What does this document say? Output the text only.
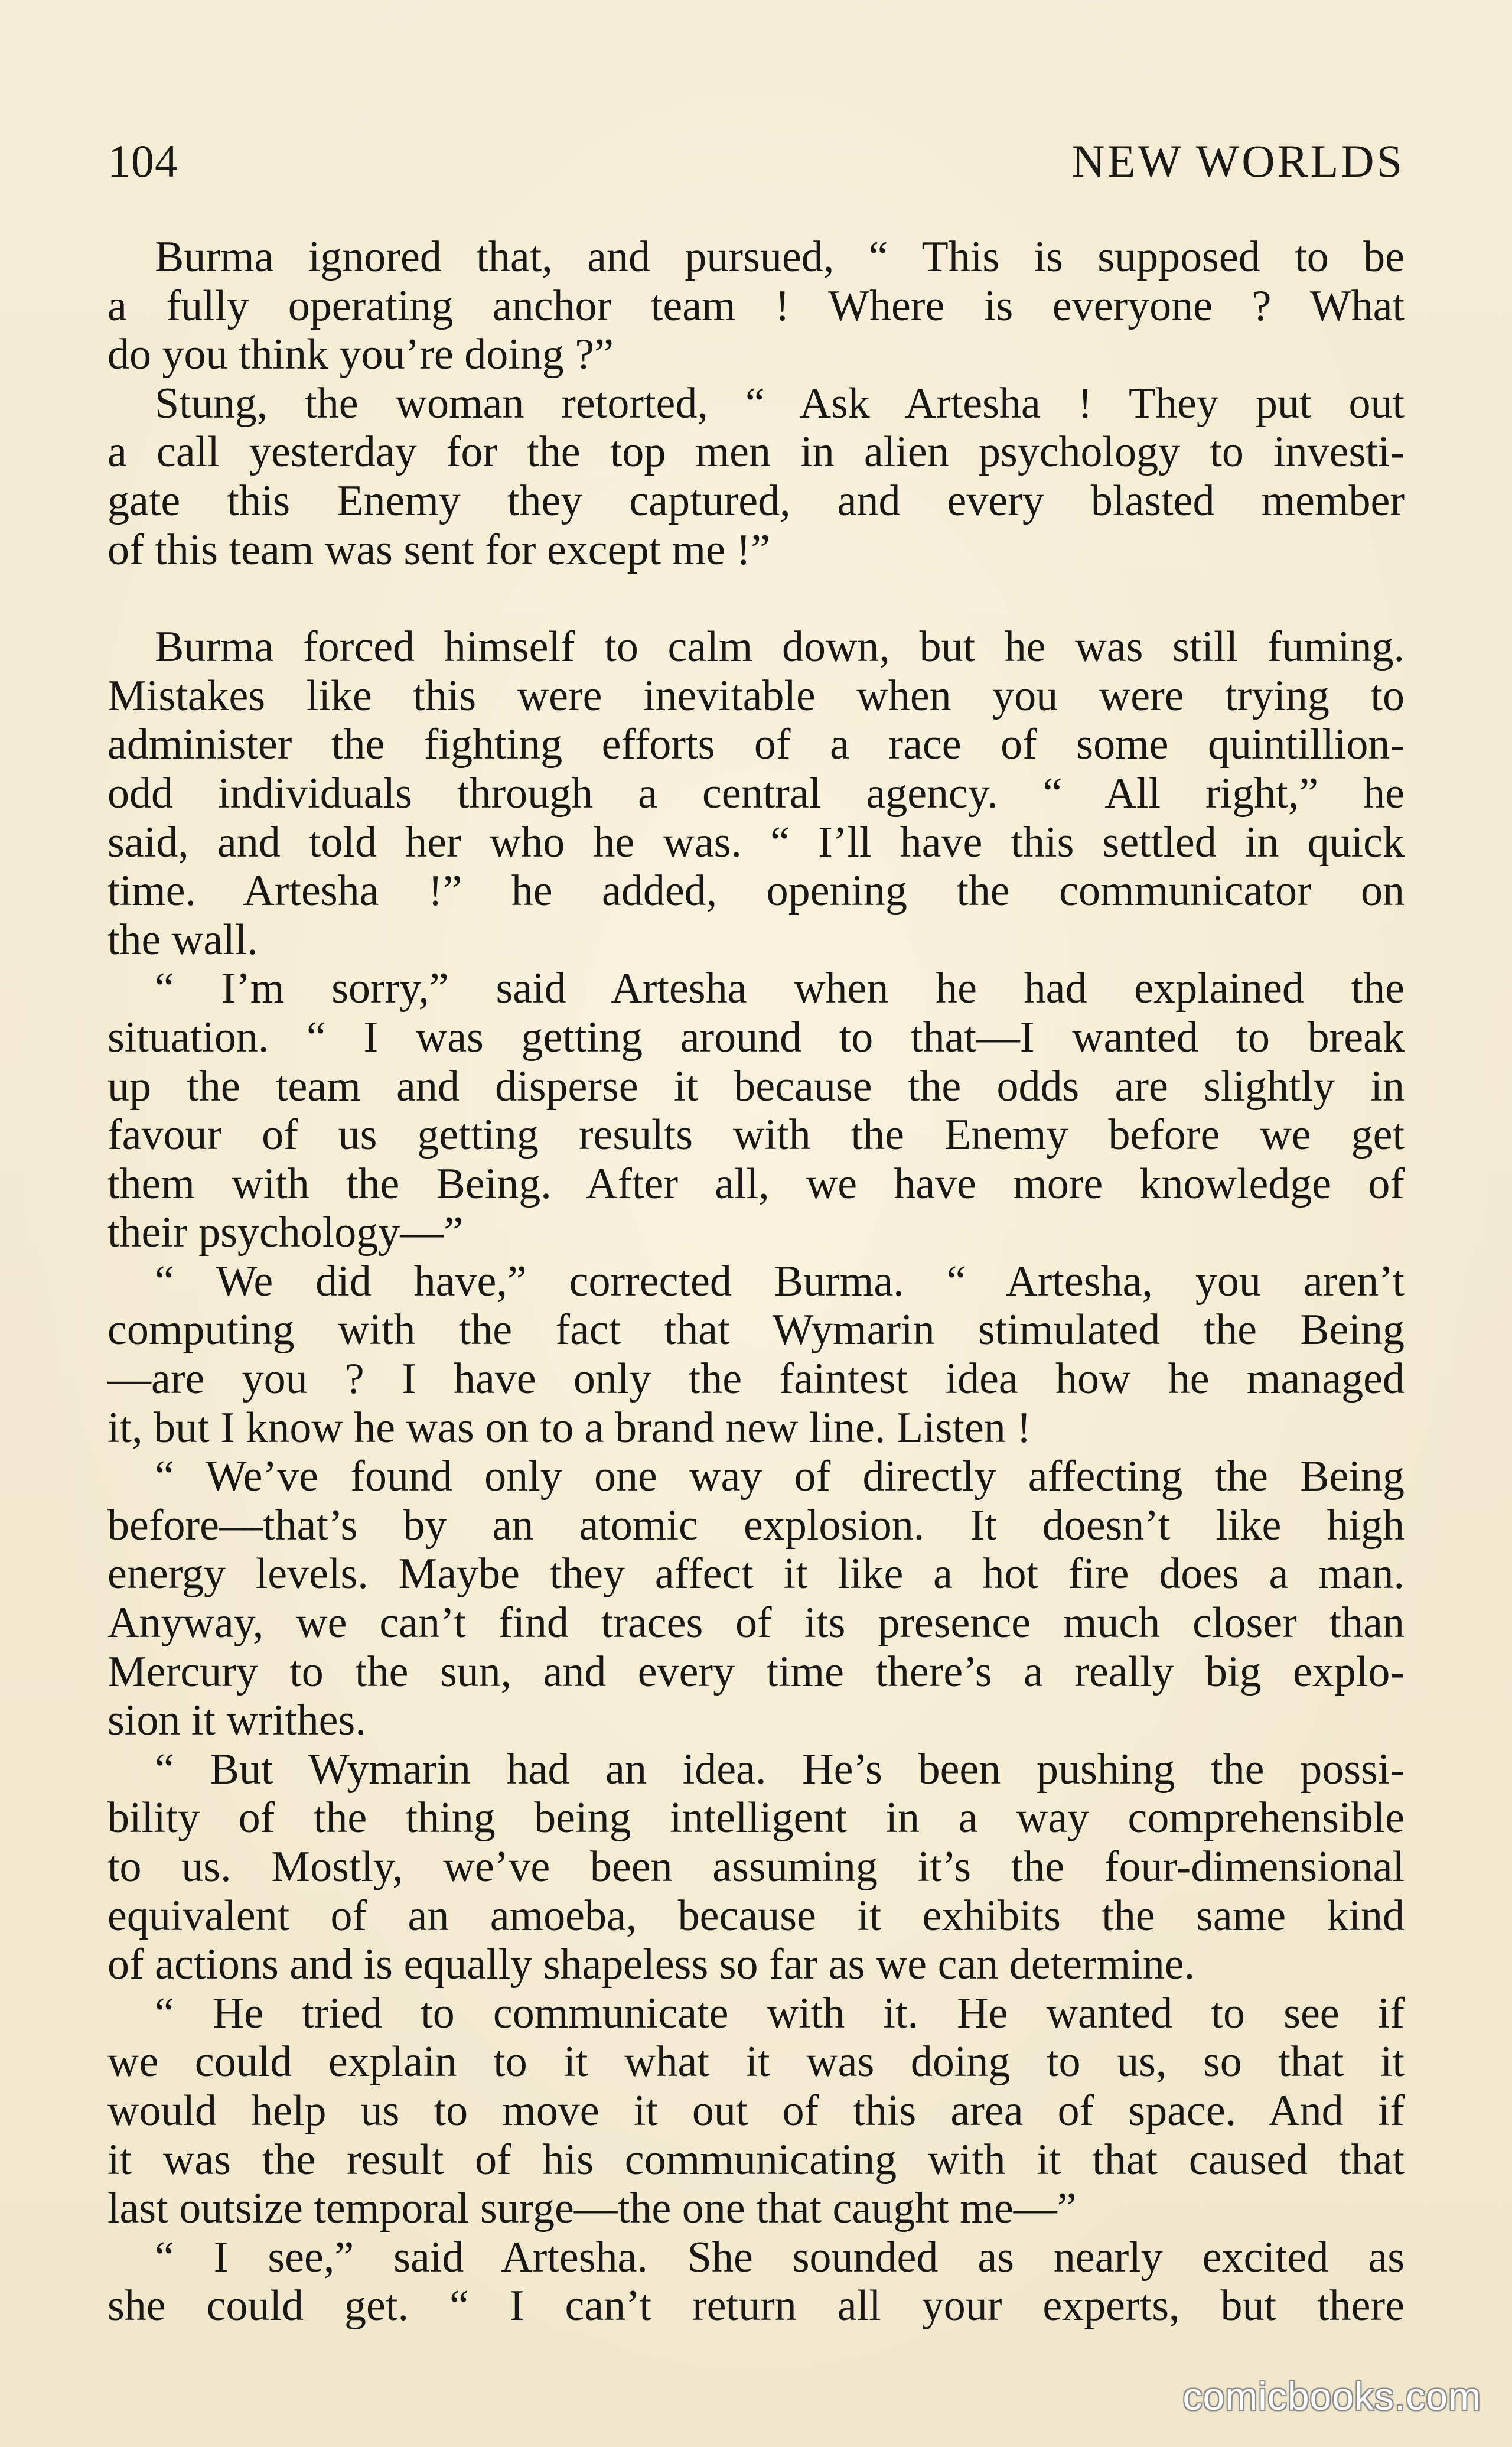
104	NEW WORLDS
Burma ignored that, and pursued, “ This is supposed to be
a fully operating anchor team ! Where is everyone ? What
do you think you’re doing ?”
Stung, the woman retorted, “ Ask Artesha ! They put out
a call yesterday for the top men in alien psychology to investi-
gate this Enemy they captured, and every blasted member
of this team was sent for except me !”
Burma forced himself to calm down, but he was still fuming.
Mistakes like this were inevitable when you were trying to
administer the fighting efforts of a race of some quintillion-
odd individuals through a central agency. “ All right,” he
said, and told her who he was. “ I’ll have this settled in quick
time. Artesha !” he added, opening the communicator on
the wall.
“ I’m sorry,” said Artesha when he had explained the
situation. “ I was getting around to that—I wanted to break
up the team and disperse it because the odds are slightly in
favour of us getting results with the Enemy before we get
them with the Being. After all, we have more knowledge of
their psychology—”
“ We did have,” corrected Burma. “ Artesha, you aren’t
computing with the fact that Wymarin stimulated the Being
—are you ? I have only the faintest idea how he managed
it, but I know he was on to a brand new line. Listen !
“ We’ve found only one way of directly affecting the Being
before—that’s by an atomic explosion. It doesn’t like high
energy levels. Maybe they affect it like a hot fire does a man.
Anyway, we can’t find traces of its presence much closer than
Mercury to the sun, and every time there’s a really big explo-
sion it writhes.
“ But Wymarin had an idea. He’s been pushing the possi-
bility of the thing being intelligent in a way comprehensible
to us. Mostly, we’ve been assuming it’s the four-dimensional
equivalent of an amoeba, because it exhibits the same kind
of actions and is equally shapeless so far as we can determine.
“ He tried to communicate with it. He wanted to see if
we could explain to it what it was doing to us, so that it
would help us to move it out of this area of space. And if
it was the result of his communicating with it that caused that
last outsize temporal surge—the one that caught me—”
“ I see,” said Artesha. She sounded as nearly excited as
she could get. “ I can’t return all your experts, but there
comicbooks.com
